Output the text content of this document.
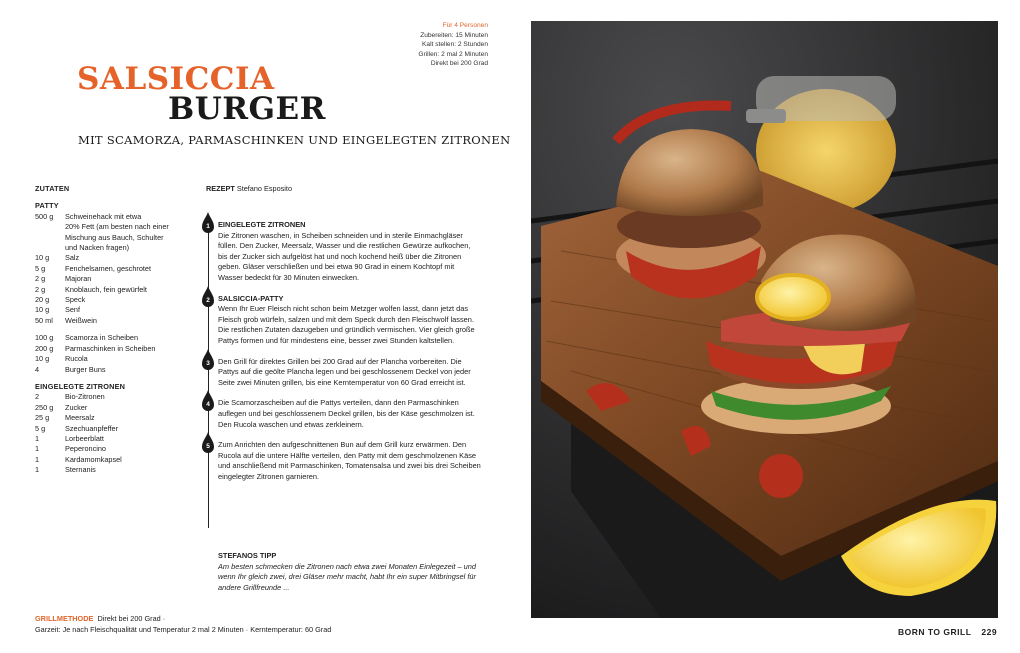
Für 4 Personen
Zubereiten: 15 Minuten
Kalt stellen: 2 Stunden
Grillen: 2 mal 2 Minuten
Direkt bei 200 Grad
SALSICCIA
BURGER
MIT SCAMORZA, PARMASCHINKEN UND EINGELEGTEN ZITRONEN
ZUTATEN
PATTY
500 g	Schweinehack mit etwa
20% Fett (am besten nach einer
Mischung aus Bauch, Schulter
und Nacken fragen)
10 g	Salz
5 g	Fenchelsamen, geschrotet
2 g	Majoran
2 g	Knoblauch, fein gewürfelt
20 g	Speck
10 g	Senf
50 ml	Weißwein
100 g	Scamorza in Scheiben
200 g	Parmaschinken in Scheiben
10 g	Rucola
4	Burger Buns
EINGELEGTE ZITRONEN
2	Bio-Zitronen
250 g	Zucker
25 g	Meersalz
5 g	Szechuanpfeffer
1	Lorbeerblatt
1	Peperoncino
1	Kardamomkapsel
1	Sternanis
REZEPT Stefano Esposito
1	EINGELEGTE ZITRONEN
Die Zitronen waschen, in Scheiben schneiden und in sterile Einmachgläser füllen. Den Zucker, Meersalz, Wasser und die restlichen Gewürze aufkochen, bis der Zucker sich aufgelöst hat und noch kochend heiß über die Zitronen geben. Gläser verschließen und bei etwa 90 Grad in einem Kochtopf mit Wasser bedeckt für 30 Minuten einwecken.
2	SALSICCIA-PATTY
Wenn Ihr Euer Fleisch nicht schon beim Metzger wolfen lasst, dann jetzt das Fleisch grob würfeln, salzen und mit dem Speck durch den Fleischwolf lassen. Die restlichen Zutaten dazugeben und gründlich vermischen. Vier gleich große Pattys formen und für mindestens eine, besser zwei Stunden kaltstellen.
3	Den Grill für direktes Grillen bei 200 Grad auf der Plancha vorbereiten. Die Pattys auf die geölte Plancha legen und bei geschlossenem Deckel von jeder Seite zwei Minuten grillen, bis eine Kerntemperatur von 60 Grad erreicht ist.
4	Die Scamorzascheiben auf die Pattys verteilen, dann den Parmaschinken auflegen und bei geschlossenem Deckel grillen, bis der Käse geschmolzen ist. Den Rucola waschen und etwas zerkleinern.
5	Zum Anrichten den aufgeschnittenen Bun auf dem Grill kurz erwärmen. Den Rucola auf die untere Hälfte verteilen, den Patty mit dem geschmolzenen Käse und anschließend mit Parmaschinken, Tomatensalsa und zwei bis drei Scheiben eingelegter Zitronen garnieren.
STEFANOS TIPP
Am besten schmecken die Zitronen nach etwa zwei Monaten Einlegezeit – und wenn Ihr gleich zwei, drei Gläser mehr macht, habt Ihr ein super Mitbringsel für andere Grillfreunde ...
GRILLMETHODE Direkt bei 200 Grad ·
Garzeit: Je nach Fleischqualität und Temperatur 2 mal 2 Minuten · Kerntemperatur: 60 Grad	BORN TO GRILL 229
